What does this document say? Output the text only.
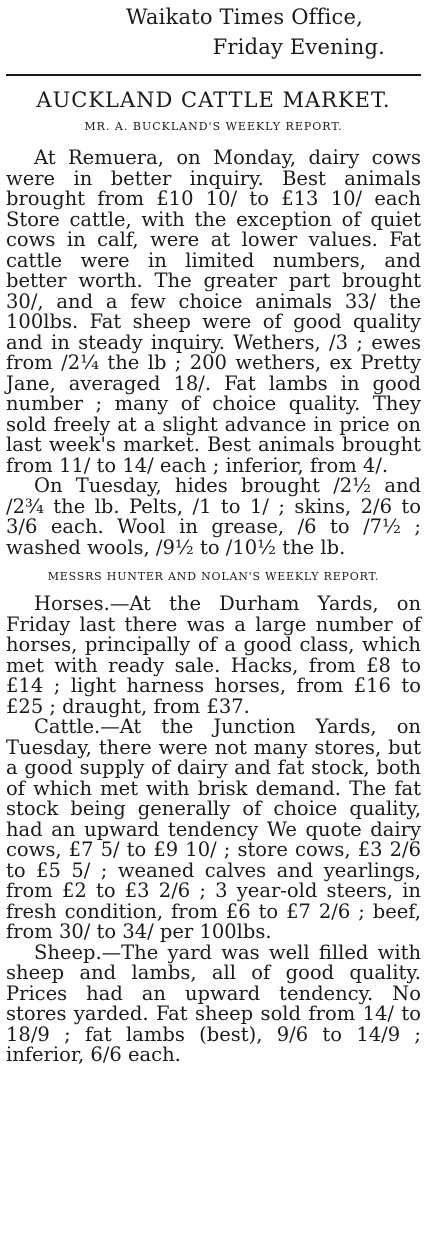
Waikato Times Office,
Friday Evening.
AUCKLAND CATTLE MARKET.
MR. A. BUCKLAND'S WEEKLY REPORT.

At Remuera, on Monday, dairy cows were in better inquiry. Best animals brought from £10 10/ to £13 10/ each Store cattle, with the exception of quiet cows in calf, were at lower values. Fat cattle were in limited numbers, and better worth. The greater part brought 30/, and a few choice animals 33/ the 100lbs. Fat sheep were of good quality and in steady inquiry. Wethers, /3 ; ewes from /2¼ the lb ; 200 wethers, ex Pretty Jane, averaged 18/. Fat lambs in good number ; many of choice quality. They sold freely at a slight advance in price on last week's market. Best animals brought from 11/ to 14/ each ; inferior, from 4/.

On Tuesday, hides brought /2½ and /2¾ the lb. Pelts, /1 to 1/ ; skins, 2/6 to 3/6 each. Wool in grease, /6 to /7½ ; washed wools, /9½ to /10½ the lb.

MESSRS HUNTER AND NOLAN'S WEEKLY REPORT.

Horses.—At the Durham Yards, on Friday last there was a large number of horses, principally of a good class, which met with ready sale. Hacks, from £8 to £14 ; light harness horses, from £16 to £25 ; draught, from £37.

Cattle.—At the Junction Yards, on Tuesday, there were not many stores, but a good supply of dairy and fat stock, both of which met with brisk demand. The fat stock being generally of choice quality, had an upward tendency We quote dairy cows, £7 5/ to £9 10/ ; store cows, £3 2/6 to £5 5/ ; weaned calves and yearlings, from £2 to £3 2/6 ; 3 year-old steers, in fresh condition, from £6 to £7 2/6 ; beef, from 30/ to 34/ per 100lbs.

Sheep.—The yard was well filled with sheep and lambs, all of good quality. Prices had an upward tendency. No stores yarded. Fat sheep sold from 14/ to 18/9 ; fat lambs (best), 9/6 to 14/9 ; inferior, 6/6 each.
